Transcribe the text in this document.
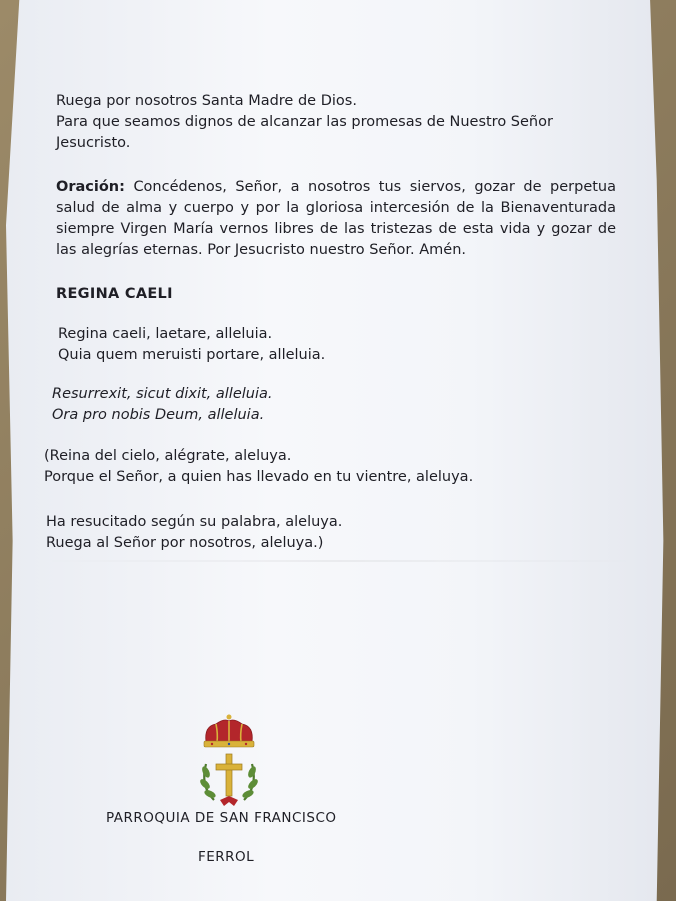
Ruega por nosotros Santa Madre de Dios.

Para que seamos dignos de alcanzar las promesas de Nuestro Señor

Jesucristo.

Oración: Concédenos, Señor, a nosotros tus siervos, gozar de perpetua salud de alma y cuerpo y por la gloriosa intercesión de la Bienaventurada siempre Virgen María vernos libres de las tristezas de esta vida y gozar de las alegrías eternas. Por Jesucristo nuestro Señor. Amén.
REGINA CAELI

Regina caeli, laetare, alleluia.

Quia quem meruisti portare, alleluia.

Resurrexit, sicut dixit, alleluia.

Ora pro nobis Deum, alleluia.

(Reina del cielo, alégrate, aleluya.

Porque el Señor, a quien has llevado en tu vientre, aleluya.

Ha resucitado según su palabra, aleluya.

Ruega al Señor por nosotros, aleluya.)

PARROQUIA DE SAN FRANCISCO
FERROL
